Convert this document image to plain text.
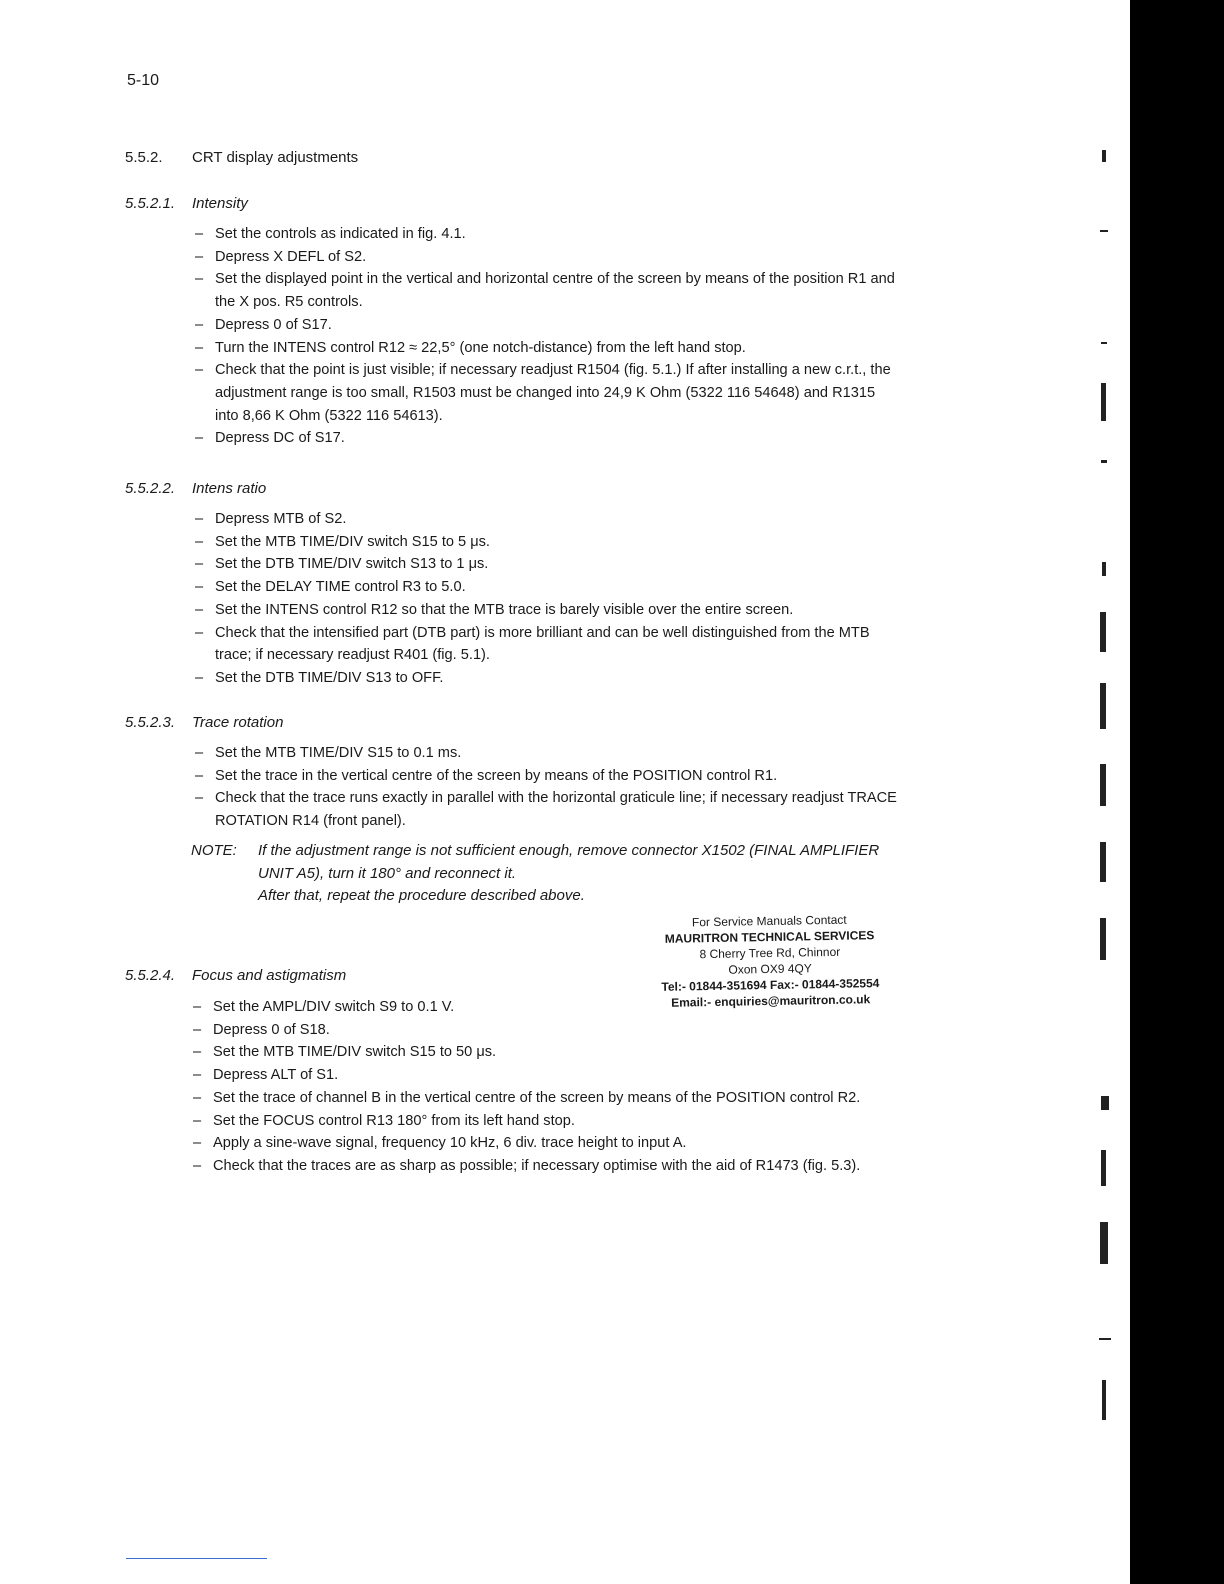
5-10
5.5.2. CRT display adjustments
5.5.2.1. Intensity
– Set the controls as indicated in fig. 4.1.
– Depress X DEFL of S2.
– Set the displayed point in the vertical and horizontal centre of the screen by means of the position R1 and
the X pos. R5 controls.
– Depress 0 of S17.
– Turn the INTENS control R12 ≈ 22,5° (one notch-distance) from the left hand stop.
– Check that the point is just visible; if necessary readjust R1504 (fig. 5.1.) If after installing a new c.r.t., the
adjustment range is too small, R1503 must be changed into 24,9 K Ohm (5322 116 54648) and R1315
into 8,66 K Ohm (5322 116 54613).
– Depress DC of S17.
5.5.2.2. Intens ratio
– Depress MTB of S2.
– Set the MTB TIME/DIV switch S15 to 5 μs.
– Set the DTB TIME/DIV switch S13 to 1 μs.
– Set the DELAY TIME control R3 to 5.0.
– Set the INTENS control R12 so that the MTB trace is barely visible over the entire screen.
– Check that the intensified part (DTB part) is more brilliant and can be well distinguished from the MTB
trace; if necessary readjust R401 (fig. 5.1).
– Set the DTB TIME/DIV S13 to OFF.
5.5.2.3. Trace rotation
– Set the MTB TIME/DIV S15 to 0.1 ms.
– Set the trace in the vertical centre of the screen by means of the POSITION control R1.
– Check that the trace runs exactly in parallel with the horizontal graticule line; if necessary readjust TRACE
ROTATION R14 (front panel).
NOTE: If the adjustment range is not sufficient enough, remove connector X1502 (FINAL AMPLIFIER
UNIT A5), turn it 180° and reconnect it.
After that, repeat the procedure described above.
For Service Manuals Contact
MAURITRON TECHNICAL SERVICES
8 Cherry Tree Rd, Chinnor
Oxon OX9 4QY
Tel:- 01844-351694 Fax:- 01844-352554
Email:- enquiries@mauritron.co.uk
5.5.2.4. Focus and astigmatism
– Set the AMPL/DIV switch S9 to 0.1 V.
– Depress 0 of S18.
– Set the MTB TIME/DIV switch S15 to 50 μs.
– Depress ALT of S1.
– Set the trace of channel B in the vertical centre of the screen by means of the POSITION control R2.
– Set the FOCUS control R13 180° from its left hand stop.
– Apply a sine-wave signal, frequency 10 kHz, 6 div. trace height to input A.
– Check that the traces are as sharp as possible; if necessary optimise with the aid of R1473 (fig. 5.3).
